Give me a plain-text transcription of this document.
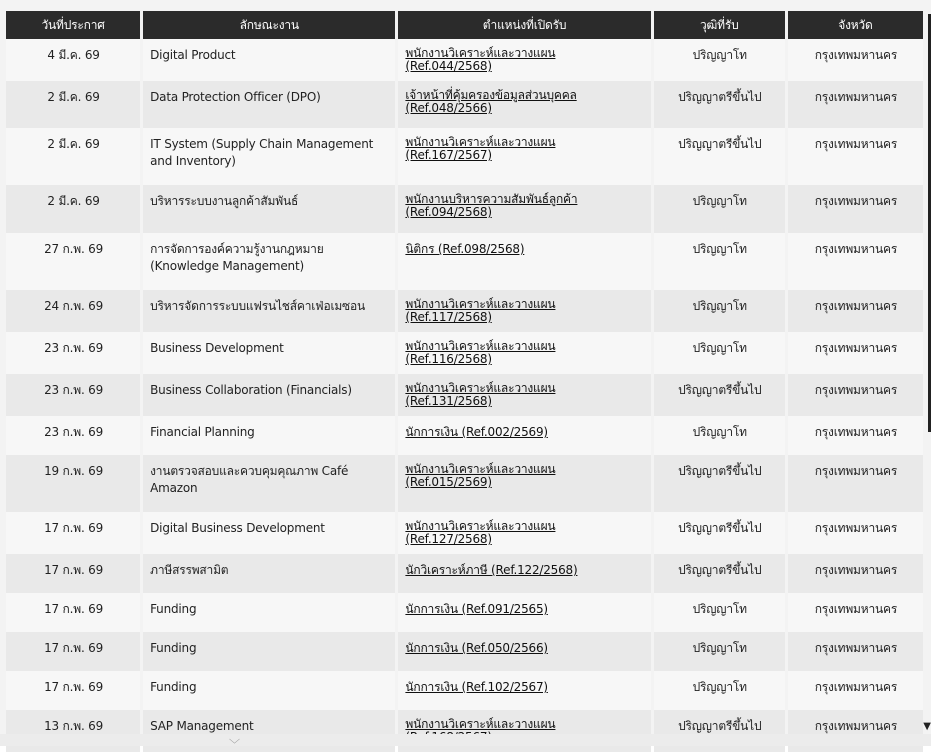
วันที่ประกาศ	ลักษณะงาน	ตำแหน่งที่เปิดรับ	วุฒิที่รับ	จังหวัด
4 มี.ค. 69	Digital Product	พนักงานวิเคราะห์และวางแผน (Ref.044/2568)	ปริญญาโท	กรุงเทพมหานคร
2 มี.ค. 69	Data Protection Officer (DPO)	เจ้าหน้าที่คุ้มครองข้อมูลส่วนบุคคล (Ref.048/2566)	ปริญญาตรีขึ้นไป	กรุงเทพมหานคร
2 มี.ค. 69	IT System (Supply Chain Management and Inventory)	พนักงานวิเคราะห์และวางแผน (Ref.167/2567)	ปริญญาตรีขึ้นไป	กรุงเทพมหานคร
2 มี.ค. 69	บริหารระบบงานลูกค้าสัมพันธ์	พนักงานบริหารความสัมพันธ์ลูกค้า (Ref.094/2568)	ปริญญาโท	กรุงเทพมหานคร
27 ก.พ. 69	การจัดการองค์ความรู้งานกฎหมาย (Knowledge Management)	นิติกร (Ref.098/2568)	ปริญญาโท	กรุงเทพมหานคร
24 ก.พ. 69	บริหารจัดการระบบแฟรนไชส์คาเฟ่อเมซอน	พนักงานวิเคราะห์และวางแผน (Ref.117/2568)	ปริญญาโท	กรุงเทพมหานคร
23 ก.พ. 69	Business Development	พนักงานวิเคราะห์และวางแผน (Ref.116/2568)	ปริญญาโท	กรุงเทพมหานคร
23 ก.พ. 69	Business Collaboration (Financials)	พนักงานวิเคราะห์และวางแผน (Ref.131/2568)	ปริญญาตรีขึ้นไป	กรุงเทพมหานคร
23 ก.พ. 69	Financial Planning	นักการเงิน (Ref.002/2569)	ปริญญาโท	กรุงเทพมหานคร
19 ก.พ. 69	งานตรวจสอบและควบคุมคุณภาพ Café Amazon	พนักงานวิเคราะห์และวางแผน (Ref.015/2569)	ปริญญาตรีขึ้นไป	กรุงเทพมหานคร
17 ก.พ. 69	Digital Business Development	พนักงานวิเคราะห์และวางแผน (Ref.127/2568)	ปริญญาตรีขึ้นไป	กรุงเทพมหานคร
17 ก.พ. 69	ภาษีสรรพสามิต	นักวิเคราะห์ภาษี (Ref.122/2568)	ปริญญาตรีขึ้นไป	กรุงเทพมหานคร
17 ก.พ. 69	Funding	นักการเงิน (Ref.091/2565)	ปริญญาโท	กรุงเทพมหานคร
17 ก.พ. 69	Funding	นักการเงิน (Ref.050/2566)	ปริญญาโท	กรุงเทพมหานคร
17 ก.พ. 69	Funding	นักการเงิน (Ref.102/2567)	ปริญญาโท	กรุงเทพมหานคร
13 ก.พ. 69	SAP Management	พนักงานวิเคราะห์และวางแผน	ปริญญาตรีขึ้นไป	กรุงเทพมหานคร	▼
﹀
